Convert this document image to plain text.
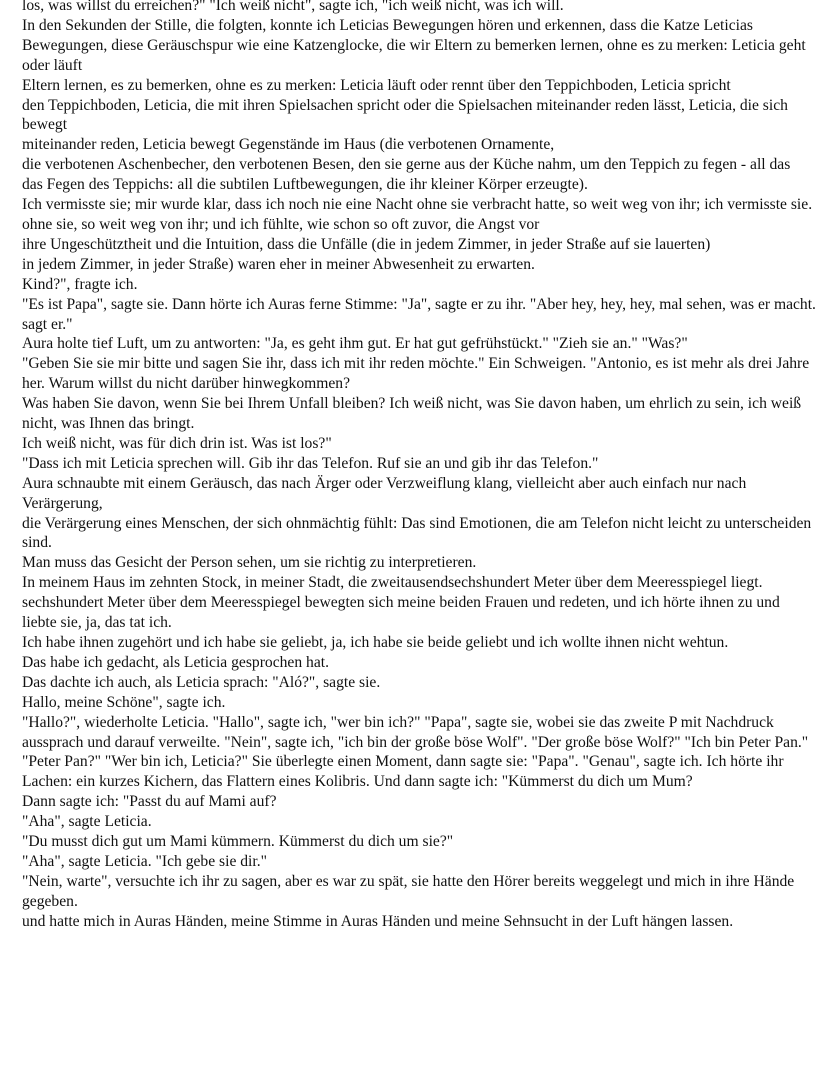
los, was willst du erreichen?" "Ich weiß nicht", sagte ich, "ich weiß nicht, was ich will.

In den Sekunden der Stille, die folgten, konnte ich Leticias Bewegungen hören und erkennen, dass die Katze Leticias Bewegungen, diese Geräuschspur wie eine Katzenglocke, die wir Eltern zu bemerken lernen, ohne es zu merken: Leticia geht oder läuft

Eltern lernen, es zu bemerken, ohne es zu merken: Leticia läuft oder rennt über den Teppichboden, Leticia spricht

den Teppichboden, Leticia, die mit ihren Spielsachen spricht oder die Spielsachen miteinander reden lässt, Leticia, die sich bewegt

miteinander reden, Leticia bewegt Gegenstände im Haus (die verbotenen Ornamente,

die verbotenen Aschenbecher, den verbotenen Besen, den sie gerne aus der Küche nahm, um den Teppich zu fegen - all das

das Fegen des Teppichs: all die subtilen Luftbewegungen, die ihr kleiner Körper erzeugte).

Ich vermisste sie; mir wurde klar, dass ich noch nie eine Nacht ohne sie verbracht hatte, so weit weg von ihr; ich vermisste sie.

ohne sie, so weit weg von ihr; und ich fühlte, wie schon so oft zuvor, die Angst vor

ihre Ungeschütztheit und die Intuition, dass die Unfälle (die in jedem Zimmer, in jeder Straße auf sie lauerten)

in jedem Zimmer, in jeder Straße) waren eher in meiner Abwesenheit zu erwarten.

Kind?", fragte ich.

"Es ist Papa", sagte sie. Dann hörte ich Auras ferne Stimme: "Ja", sagte er zu ihr. "Aber hey, hey, hey, mal sehen, was er macht.

sagt er."

Aura holte tief Luft, um zu antworten: "Ja, es geht ihm gut. Er hat gut gefrühstückt." "Zieh sie an." "Was?"

"Geben Sie sie mir bitte und sagen Sie ihr, dass ich mit ihr reden möchte." Ein Schweigen. "Antonio, es ist mehr als drei Jahre her. Warum willst du nicht darüber hinwegkommen?

Was haben Sie davon, wenn Sie bei Ihrem Unfall bleiben? Ich weiß nicht, was Sie davon haben, um ehrlich zu sein, ich weiß nicht, was Ihnen das bringt.

Ich weiß nicht, was für dich drin ist. Was ist los?"

"Dass ich mit Leticia sprechen will. Gib ihr das Telefon. Ruf sie an und gib ihr das Telefon."

Aura schnaubte mit einem Geräusch, das nach Ärger oder Verzweiflung klang, vielleicht aber auch einfach nur nach Verärgerung,

die Verärgerung eines Menschen, der sich ohnmächtig fühlt: Das sind Emotionen, die am Telefon nicht leicht zu unterscheiden sind.

Man muss das Gesicht der Person sehen, um sie richtig zu interpretieren.

In meinem Haus im zehnten Stock, in meiner Stadt, die zweitausendsechshundert Meter über dem Meeresspiegel liegt.

sechshundert Meter über dem Meeresspiegel bewegten sich meine beiden Frauen und redeten, und ich hörte ihnen zu und liebte sie, ja, das tat ich.

Ich habe ihnen zugehört und ich habe sie geliebt, ja, ich habe sie beide geliebt und ich wollte ihnen nicht wehtun.

Das habe ich gedacht, als Leticia gesprochen hat.

Das dachte ich auch, als Leticia sprach: "Aló?", sagte sie.

Hallo, meine Schöne", sagte ich.

"Hallo?", wiederholte Leticia. "Hallo", sagte ich, "wer bin ich?" "Papa", sagte sie, wobei sie das zweite P mit Nachdruck aussprach und darauf verweilte. "Nein", sagte ich, "ich bin der große böse Wolf". "Der große böse Wolf?" "Ich bin Peter Pan." "Peter Pan?" "Wer bin ich, Leticia?" Sie überlegte einen Moment, dann sagte sie: "Papa". "Genau", sagte ich. Ich hörte ihr Lachen: ein kurzes Kichern, das Flattern eines Kolibris. Und dann sagte ich: "Kümmerst du dich um Mum?

Dann sagte ich: "Passt du auf Mami auf?

"Aha", sagte Leticia.

"Du musst dich gut um Mami kümmern. Kümmerst du dich um sie?"

"Aha", sagte Leticia. "Ich gebe sie dir."

"Nein, warte", versuchte ich ihr zu sagen, aber es war zu spät, sie hatte den Hörer bereits weggelegt und mich in ihre Hände gegeben.

und hatte mich in Auras Händen, meine Stimme in Auras Händen und meine Sehnsucht in der Luft hängen lassen.
